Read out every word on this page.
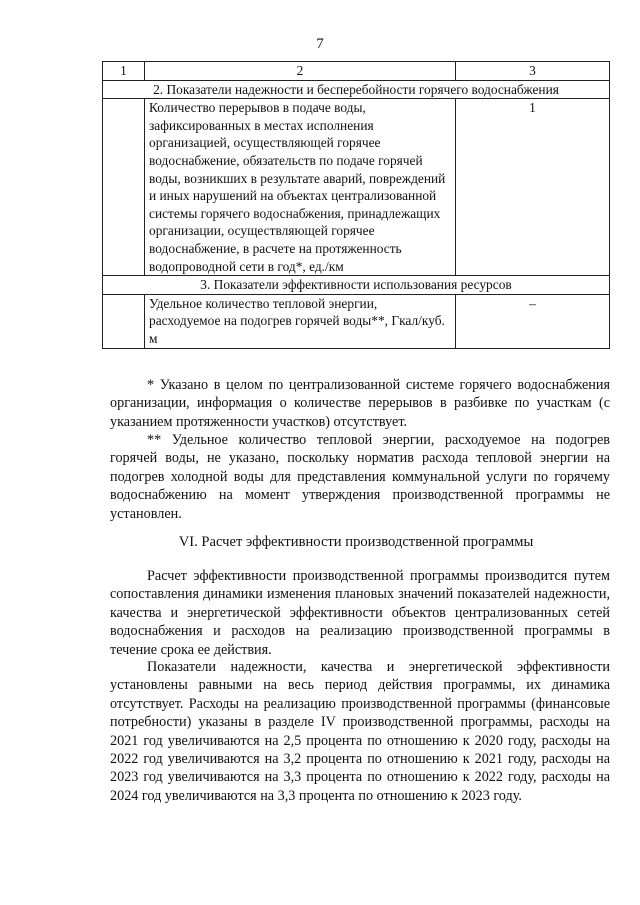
7
1	2	3
2. Показатели надежности и бесперебойности горячего водоснабжения		
	Количество перерывов в подаче воды, зафиксированных в местах исполнения организацией, осуществляющей горячее водоснабжение, обязательств по подаче горячей воды, возникших в результате аварий, повреждений и иных нарушений на объектах централизованной системы горячего водоснабжения, принадлежащих организации, осуществляющей горячее водоснабжение, в расчете на протяженность водопроводной сети в год*, ед./км	1
3. Показатели эффективности использования ресурсов		
	Удельное количество тепловой энергии, расходуемое на подогрев горячей воды**, Гкал/куб. м	–

* Указано в целом по централизованной системе горячего водоснабжения организации, информация о количестве перерывов в разбивке по участкам (с указанием протяженности участков) отсутствует.

** Удельное количество тепловой энергии, расходуемое на подогрев горячей воды, не указано, поскольку норматив расхода тепловой энергии на подогрев холодной воды для представления коммунальной услуги по горячему водоснабжению на момент утверждения производственной программы не установлен.

VI. Расчет эффективности производственной программы

Расчет эффективности производственной программы производится путем сопоставления динамики изменения плановых значений показателей надежности, качества и энергетической эффективности объектов централизованных сетей водоснабжения и расходов на реализацию производственной программы в течение срока ее действия.

Показатели надежности, качества и энергетической эффективности установлены равными на весь период действия программы, их динамика отсутствует. Расходы на реализацию производственной программы (финансовые потребности) указаны в разделе IV производственной программы, расходы на 2021 год увеличиваются на 2,5 процента по отношению к 2020 году, расходы на 2022 год увеличиваются на 3,2 процента по отношению к 2021 году, расходы на 2023 год увеличиваются на 3,3 процента по отношению к 2022 году, расходы на 2024 год увеличиваются на 3,3 процента по отношению к 2023 году.
